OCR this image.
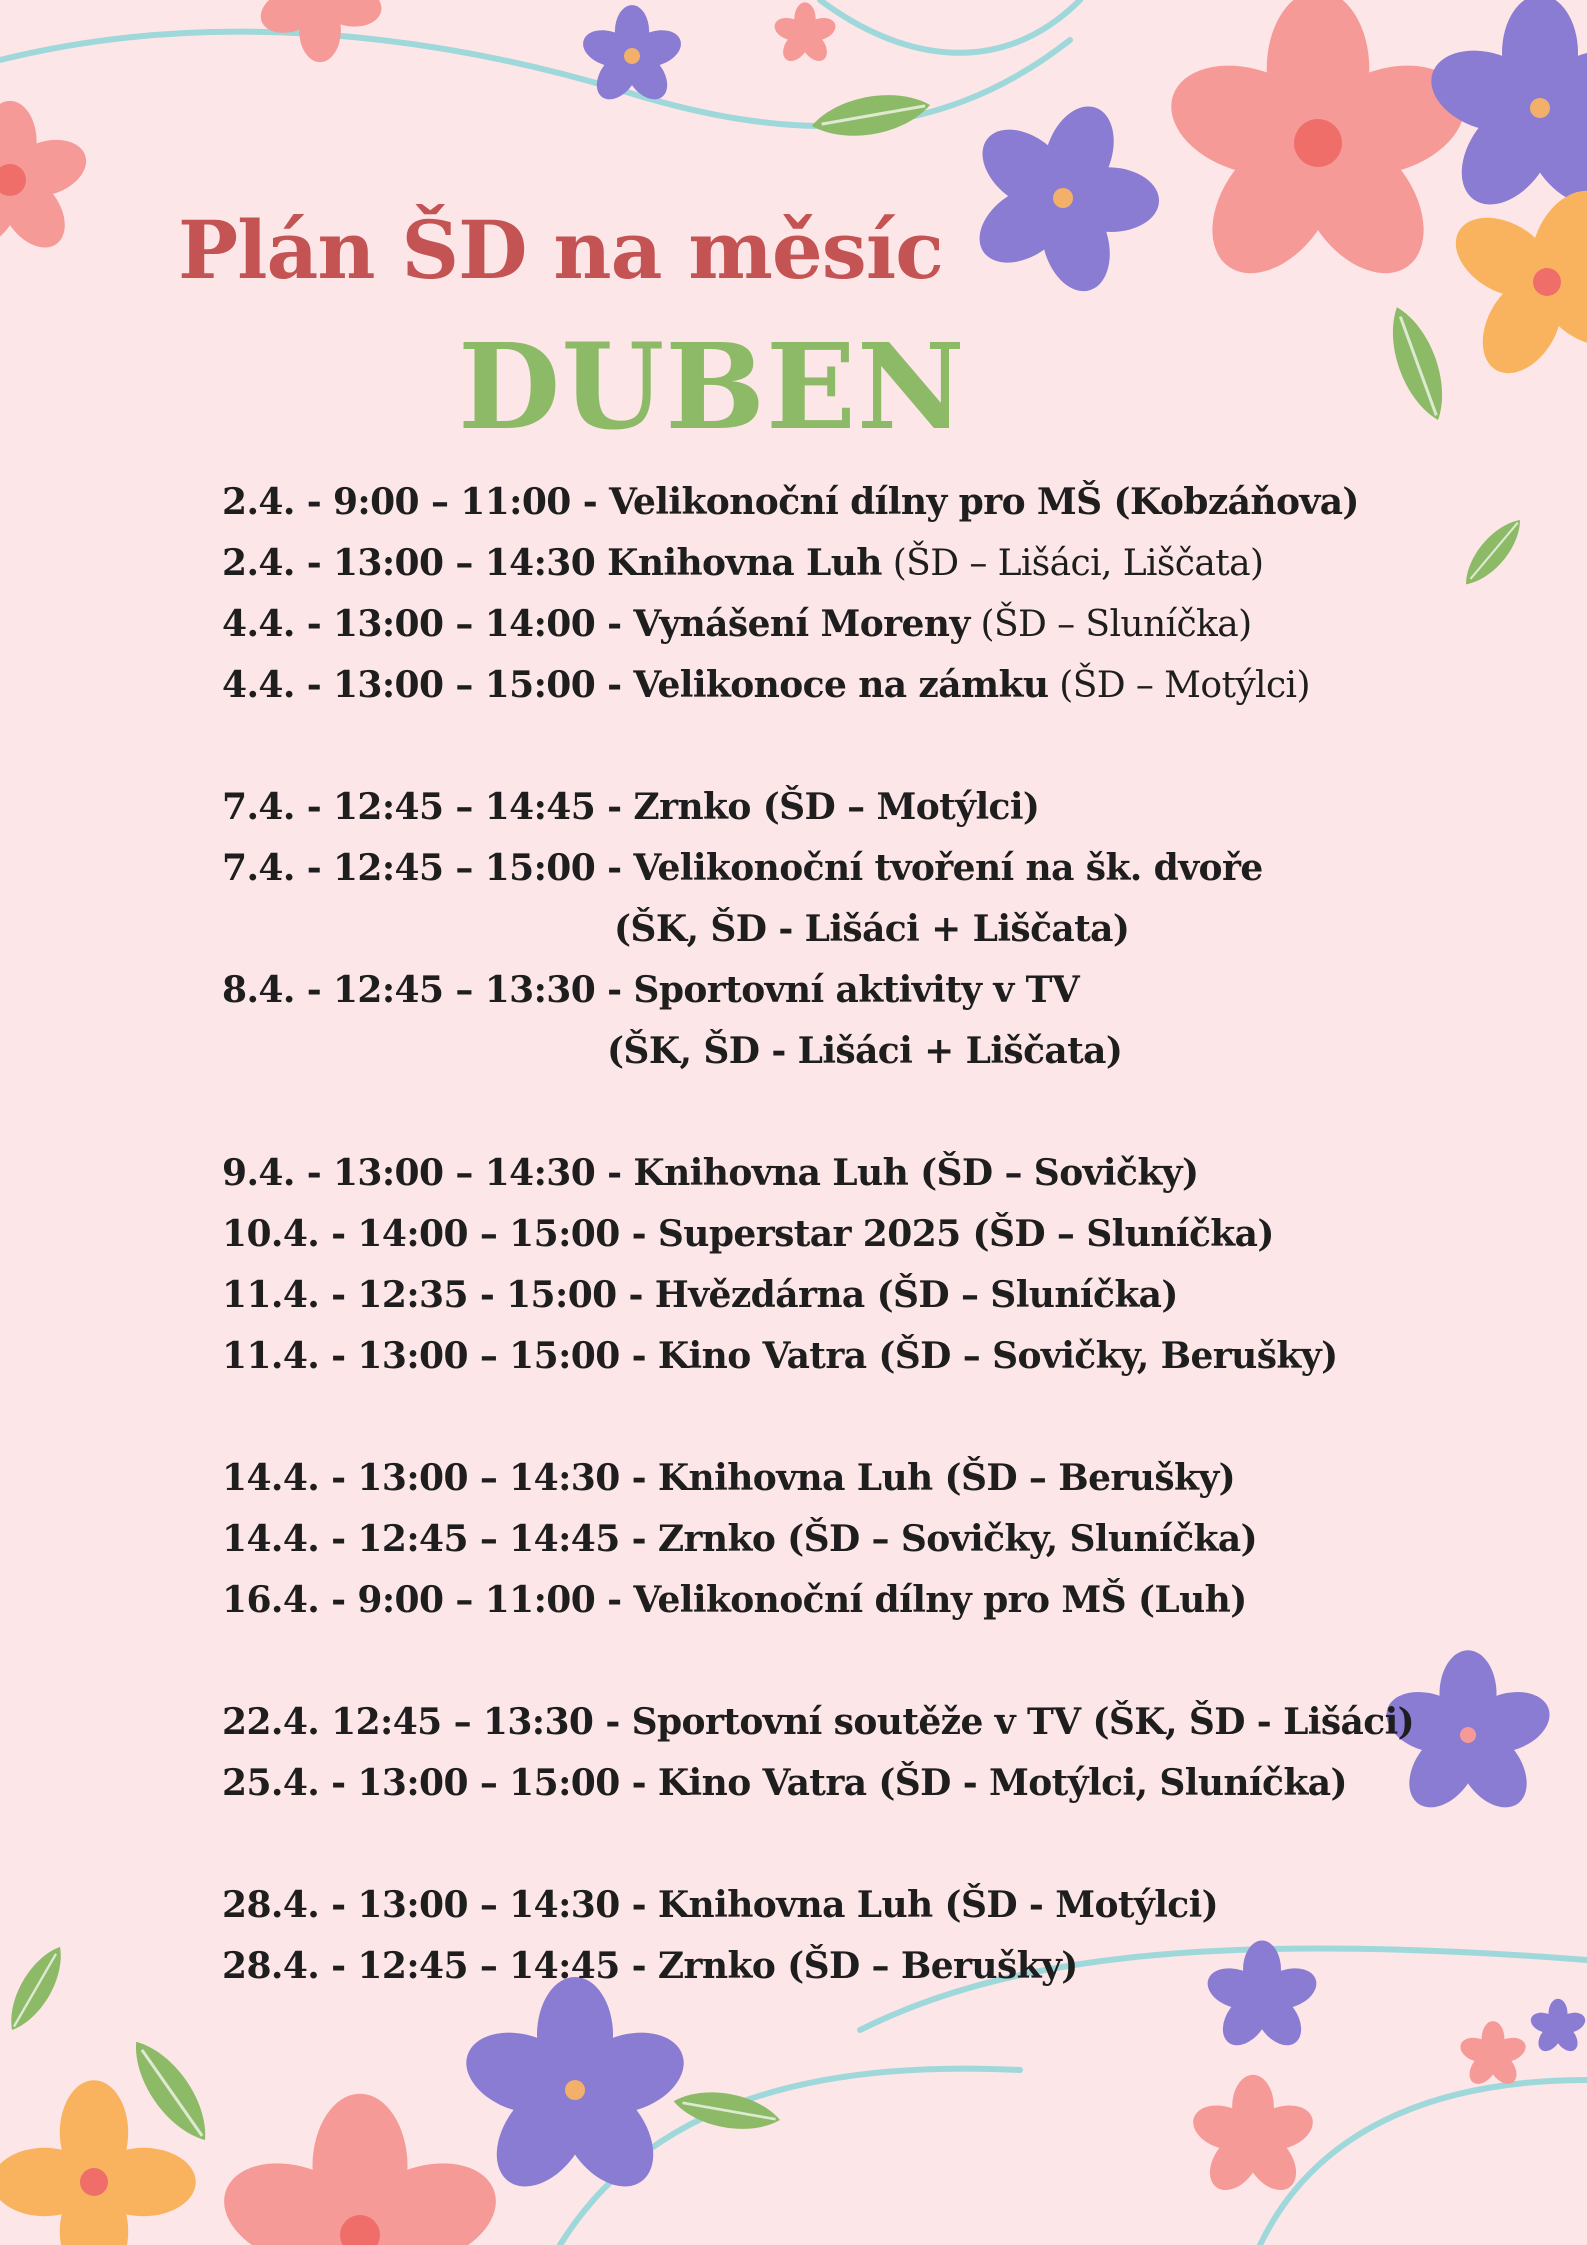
Plán ŠD na měsíc
DUBEN
2.4. - 9:00 – 11:00 - Velikonoční dílny pro MŠ (Kobzáňova)
2.4. - 13:00 – 14:30 Knihovna Luh (ŠD – Lišáci, Liščata)
4.4. - 13:00 – 14:00 - Vynášení Moreny (ŠD – Sluníčka)
4.4. - 13:00 – 15:00 - Velikonoce na zámku (ŠD – Motýlci)
7.4. - 12:45 – 14:45 - Zrnko (ŠD – Motýlci)
7.4. - 12:45 – 15:00 - Velikonoční tvoření na šk. dvoře
(ŠK, ŠD - Lišáci + Liščata)
8.4. - 12:45 – 13:30 - Sportovní aktivity v TV
(ŠK, ŠD - Lišáci + Liščata)
9.4. - 13:00 – 14:30 - Knihovna Luh (ŠD – Sovičky)
10.4. - 14:00 – 15:00 - Superstar 2025 (ŠD – Sluníčka)
11.4. - 12:35 - 15:00 - Hvězdárna (ŠD – Sluníčka)
11.4. - 13:00 – 15:00 - Kino Vatra (ŠD – Sovičky, Berušky)
14.4. - 13:00 – 14:30 - Knihovna Luh (ŠD – Berušky)
14.4. - 12:45 – 14:45 - Zrnko (ŠD – Sovičky, Sluníčka)
16.4. - 9:00 – 11:00 - Velikonoční dílny pro MŠ (Luh)
22.4. 12:45 – 13:30 - Sportovní soutěže v TV (ŠK, ŠD - Lišáci)
25.4. - 13:00 – 15:00 - Kino Vatra (ŠD - Motýlci, Sluníčka)
28.4. - 13:00 – 14:30 - Knihovna Luh (ŠD - Motýlci)
28.4. - 12:45 – 14:45 - Zrnko (ŠD – Berušky)
